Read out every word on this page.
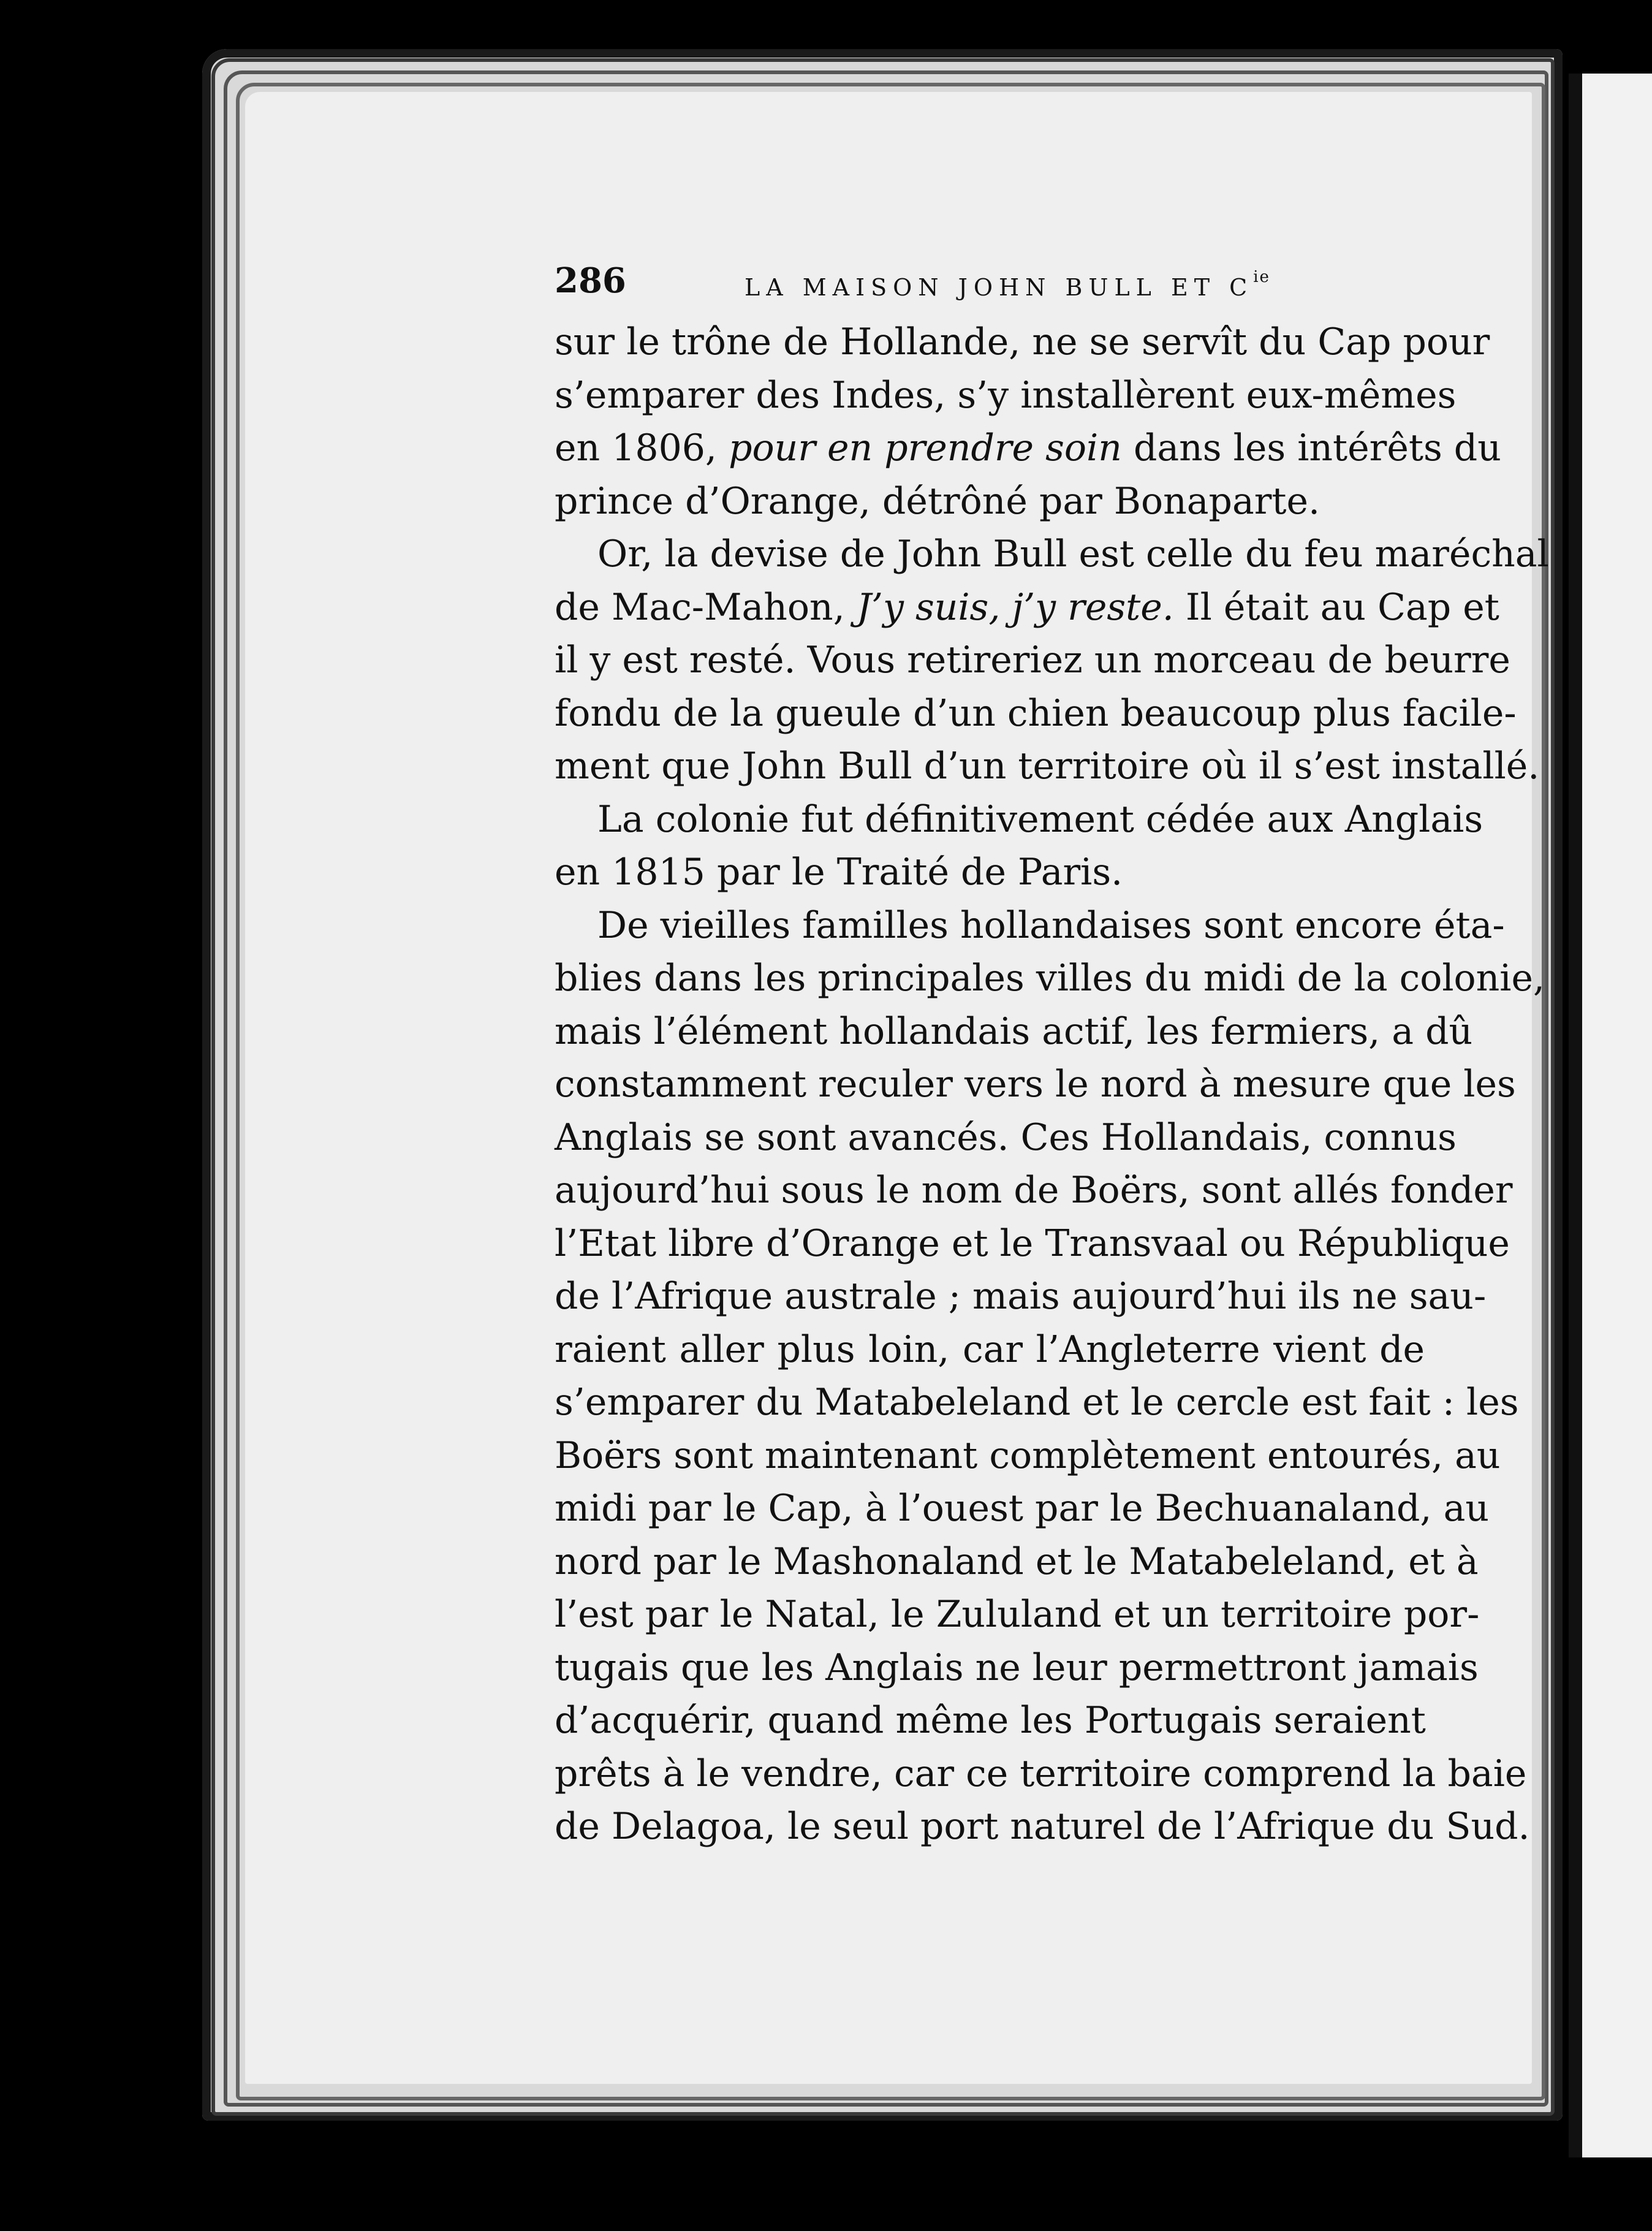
286	LA MAISON JOHN BULL ET $C^{ie}$
sur le trône de Hollande, ne se servît du Cap pour
s’emparer des Indes, s’y installèrent eux-mêmes
en 1806, pour en prendre soin dans les intérêts du
prince d’Orange, détrôné par Bonaparte.
Or, la devise de John Bull est celle du feu maréchal
de Mac-Mahon, J’y suis, j’y reste. Il était au Cap et
il y est resté. Vous retireriez un morceau de beurre
fondu de la gueule d’un chien beaucoup plus facile-
ment que John Bull d’un territoire où il s’est installé.
La colonie fut définitivement cédée aux Anglais
en 1815 par le Traité de Paris.
De vieilles familles hollandaises sont encore éta-
blies dans les principales villes du midi de la colonie,
mais l’élément hollandais actif, les fermiers, a dû
constamment reculer vers le nord à mesure que les
Anglais se sont avancés. Ces Hollandais, connus
aujourd’hui sous le nom de Boërs, sont allés fonder
l’Etat libre d’Orange et le Transvaal ou République
de l’Afrique australe ; mais aujourd’hui ils ne sau-
raient aller plus loin, car l’Angleterre vient de
s’emparer du Matabeleland et le cercle est fait : les
Boërs sont maintenant complètement entourés, au
midi par le Cap, à l’ouest par le Bechuanaland, au
nord par le Mashonaland et le Matabeleland, et à
l’est par le Natal, le Zululand et un territoire por-
tugais que les Anglais ne leur permettront jamais
d’acquérir, quand même les Portugais seraient
prêts à le vendre, car ce territoire comprend la baie
de Delagoa, le seul port naturel de l’Afrique du Sud.
